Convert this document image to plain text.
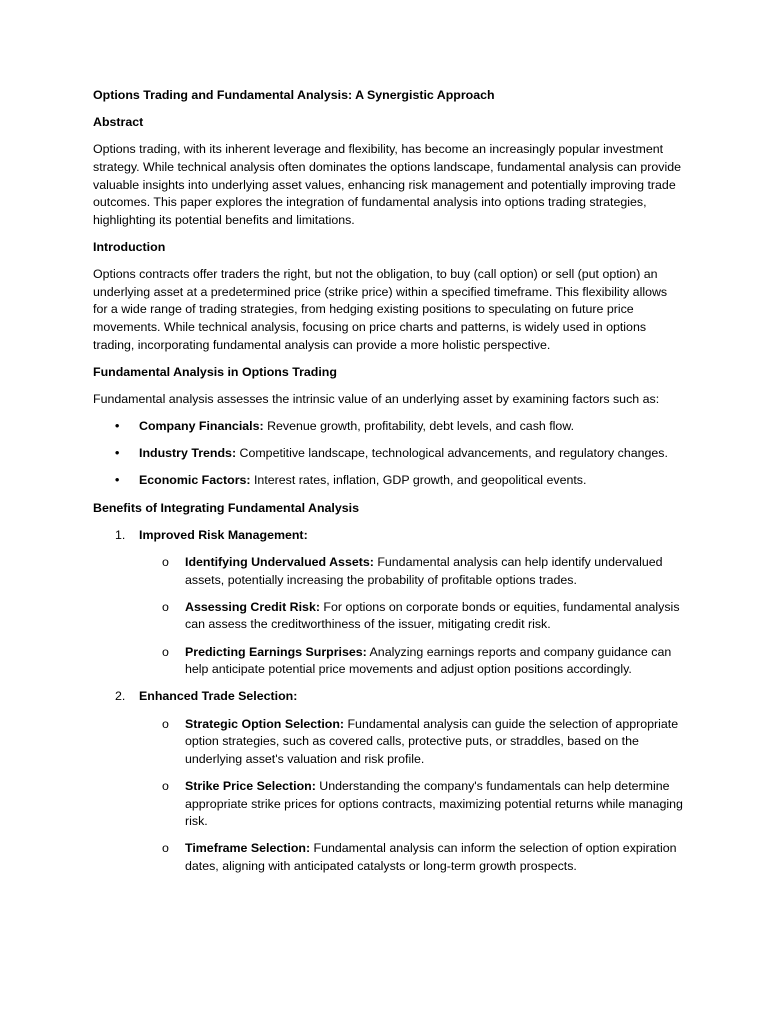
Options Trading and Fundamental Analysis: A Synergistic Approach

Abstract

Options trading, with its inherent leverage and flexibility, has become an increasingly popular investment strategy. While technical analysis often dominates the options landscape, fundamental analysis can provide valuable insights into underlying asset values, enhancing risk management and potentially improving trade outcomes. This paper explores the integration of fundamental analysis into options trading strategies, highlighting its potential benefits and limitations.

Introduction

Options contracts offer traders the right, but not the obligation, to buy (call option) or sell (put option) an underlying asset at a predetermined price (strike price) within a specified timeframe. This flexibility allows for a wide range of trading strategies, from hedging existing positions to speculating on future price movements. While technical analysis, focusing on price charts and patterns, is widely used in options trading, incorporating fundamental analysis can provide a more holistic perspective.

Fundamental Analysis in Options Trading

Fundamental analysis assesses the intrinsic value of an underlying asset by examining factors such as:

• Company Financials: Revenue growth, profitability, debt levels, and cash flow.
• Industry Trends: Competitive landscape, technological advancements, and regulatory changes.
• Economic Factors: Interest rates, inflation, GDP growth, and geopolitical events.

Benefits of Integrating Fundamental Analysis

1. Improved Risk Management:

o Identifying Undervalued Assets: Fundamental analysis can help identify undervalued assets, potentially increasing the probability of profitable options trades.
o Assessing Credit Risk: For options on corporate bonds or equities, fundamental analysis can assess the creditworthiness of the issuer, mitigating credit risk.
o Predicting Earnings Surprises: Analyzing earnings reports and company guidance can help anticipate potential price movements and adjust option positions accordingly.
2. Enhanced Trade Selection:

o Strategic Option Selection: Fundamental analysis can guide the selection of appropriate option strategies, such as covered calls, protective puts, or straddles, based on the underlying asset's valuation and risk profile.
o Strike Price Selection: Understanding the company's fundamentals can help determine appropriate strike prices for options contracts, maximizing potential returns while managing risk.
o Timeframe Selection: Fundamental analysis can inform the selection of option expiration dates, aligning with anticipated catalysts or long-term growth prospects.
